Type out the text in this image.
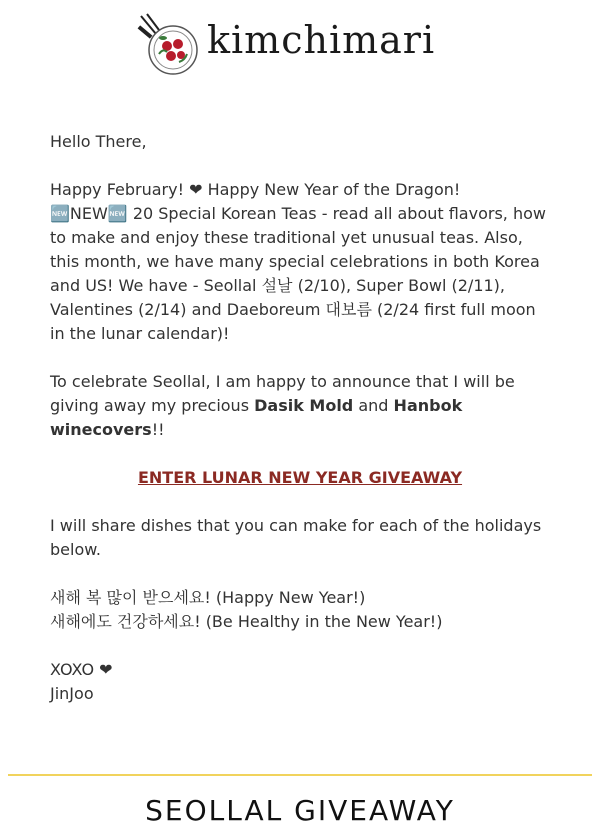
kimchimari

Hello There,

Happy February! ❤ Happy New Year of the Dragon!
🆕NEW🆕 20 Special Korean Teas - read all about flavors, how to make and enjoy these traditional yet unusual teas. Also, this month, we have many special celebrations in both Korea and US! We have - Seollal 설날 (2/10), Super Bowl (2/11), Valentines (2/14) and Daeboreum 대보름 (2/24 first full moon in the lunar calendar)!

To celebrate Seollal, I am happy to announce that I will be giving away my precious Dasik Mold and Hanbok winecovers!!

ENTER LUNAR NEW YEAR GIVEAWAY

I will share dishes that you can make for each of the holidays below.

새해 복 많이 받으세요! (Happy New Year!)
새해에도 건강하세요! (Be Healthy in the New Year!)

XOXO ❤
JinJoo

SEOLLAL GIVEAWAY
